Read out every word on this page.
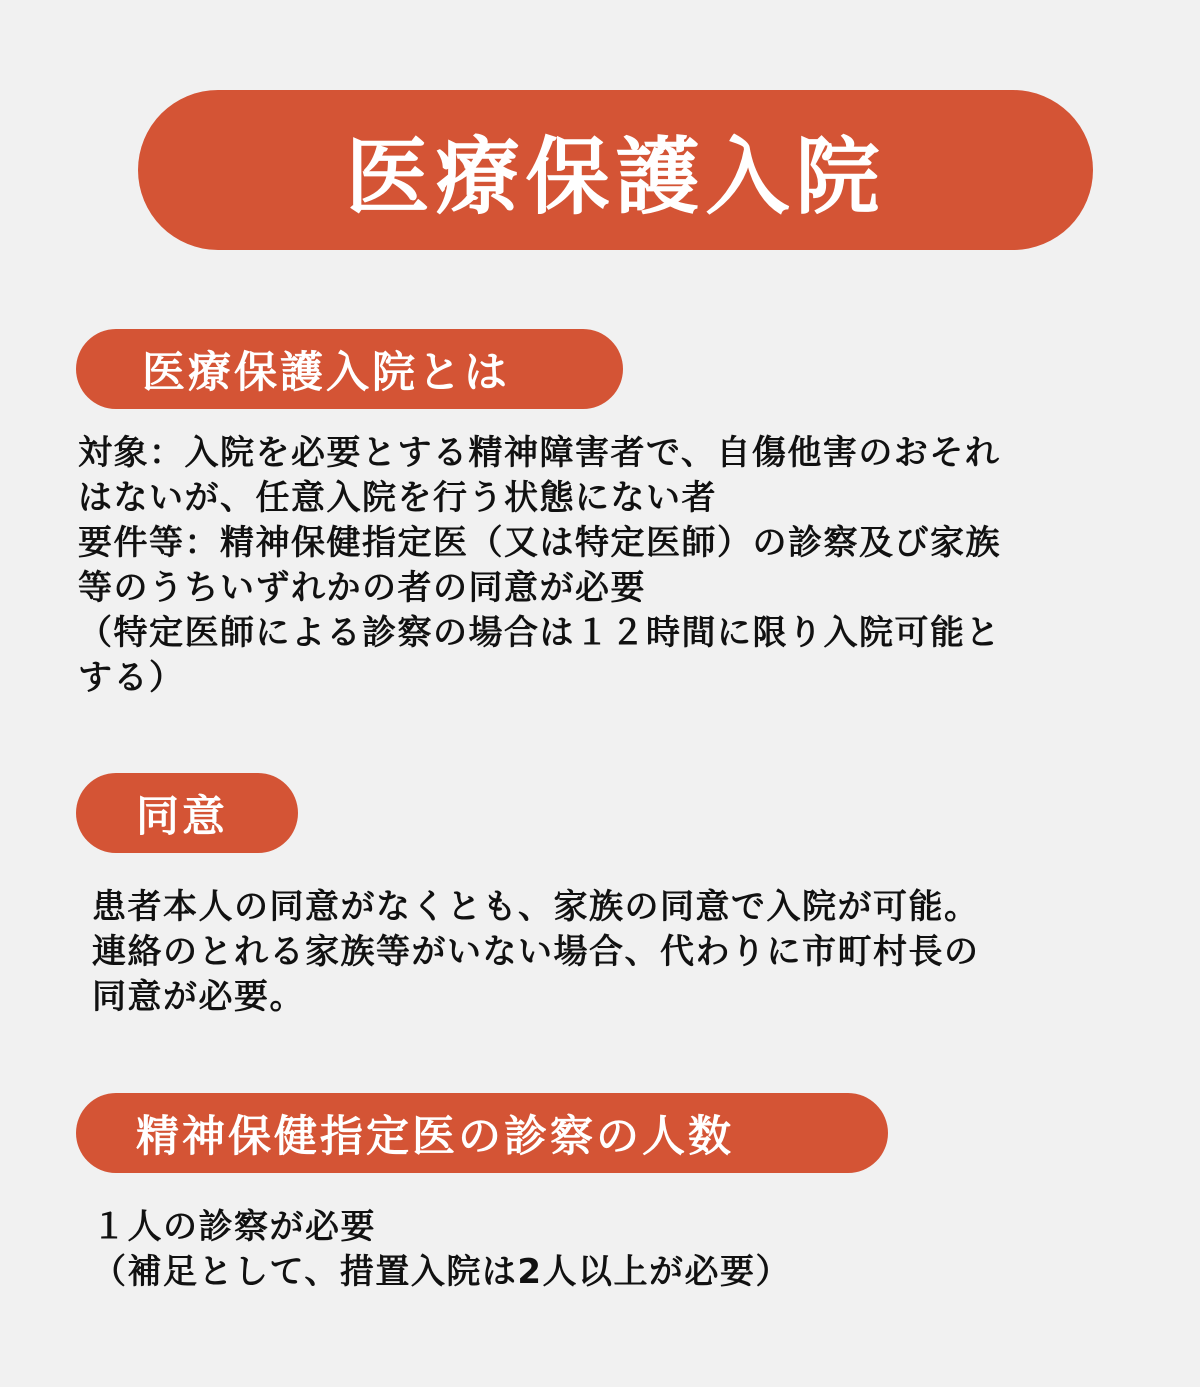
医療保護入院
医療保護入院とは
対象：入院を必要とする精神障害者で、自傷他害のおそれ
はないが、任意入院を行う状態にない者
要件等：精神保健指定医（又は特定医師）の診察及び家族
等のうちいずれかの者の同意が必要
（特定医師による診察の場合は１２時間に限り入院可能と
する）
同意
患者本人の同意がなくとも、家族の同意で入院が可能。
連絡のとれる家族等がいない場合、代わりに市町村長の
同意が必要。
精神保健指定医の診察の人数
１人の診察が必要
（補足として、措置入院は2人以上が必要）
